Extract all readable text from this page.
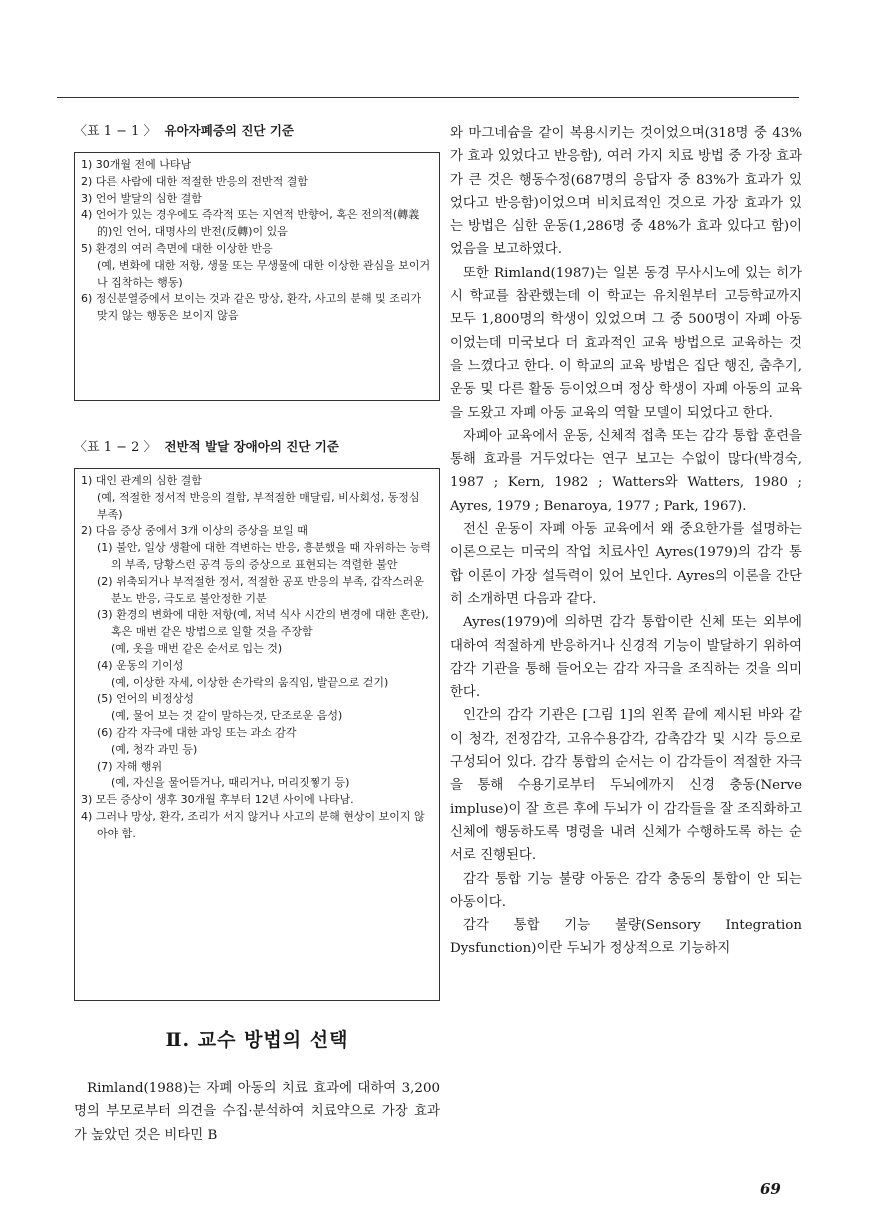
〈표 1 − 1 〉 유아자폐증의 진단 기준

1) 30개월 전에 나타남

2) 다른 사람에 대한 적절한 반응의 전반적 결함

3) 언어 발달의 심한 결함

4) 언어가 있는 경우에도 즉각적 또는 지연적 반향어, 혹은 전의적(轉義的)인 언어, 대명사의 반전(反轉)이 있음

5) 환경의 여러 측면에 대한 이상한 반응

(예, 변화에 대한 저항, 생물 또는 무생물에 대한 이상한 관심을 보이거나 집착하는 행동)

6) 정신분열증에서 보이는 것과 같은 망상, 환각, 사고의 분해 및 조리가 맞지 않는 행동은 보이지 않음

〈표 1 − 2 〉 전반적 발달 장애아의 진단 기준

1) 대인 관계의 심한 결함

(예, 적절한 정서적 반응의 결함, 부적절한 매달림, 비사회성, 동정심 부족)

2) 다음 증상 중에서 3개 이상의 증상을 보일 때

(1) 불안, 일상 생활에 대한 격변하는 반응, 흥분했을 때 자위하는 능력의 부족, 당황스런 공격 등의 증상으로 표현되는 격렬한 불안

(2) 위축되거나 부적절한 정서, 적절한 공포 반응의 부족, 갑작스러운 분노 반응, 극도로 불안정한 기분

(3) 환경의 변화에 대한 저항(예, 저녁 식사 시간의 변경에 대한 혼란), 혹은 매번 같은 방법으로 일할 것을 주장함

(예, 옷을 매번 같은 순서로 입는 것)

(4) 운동의 기이성

(예, 이상한 자세, 이상한 손가락의 움직임, 발끝으로 걷기)

(5) 언어의 비정상성

(예, 물어 보는 것 같이 말하는것, 단조로운 음성)

(6) 감각 자극에 대한 과잉 또는 과소 감각

(예, 청각 과민 등)

(7) 자해 행위

(예, 자신을 물어뜯거나, 때리거나, 머리짓찧기 등)

3) 모든 증상이 생후 30개월 후부터 12년 사이에 나타남.

4) 그러나 망상, 환각, 조리가 서지 않거나 사고의 분해 현상이 보이지 않아야 함.

Ⅱ. 교수 방법의 선택

Rimland(1988)는 자폐 아동의 치료 효과에 대하여 3,200명의 부모로부터 의견을 수집·분석하여 치료약으로 가장 효과가 높았던 것은 비타민 B

와 마그네슘을 같이 복용시키는 것이었으며(318명 중 43%가 효과 있었다고 반응함), 여러 가지 치료 방법 중 가장 효과가 큰 것은 행동수정(687명의 응답자 중 83%가 효과가 있었다고 반응함)이었으며 비치료적인 것으로 가장 효과가 있는 방법은 심한 운동(1,286명 중 48%가 효과 있다고 함)이었음을 보고하였다.

또한 Rimland(1987)는 일본 동경 무사시노에 있는 히가시 학교를 참관했는데 이 학교는 유치원부터 고등학교까지 모두 1,800명의 학생이 있었으며 그 중 500명이 자폐 아동이었는데 미국보다 더 효과적인 교육 방법으로 교육하는 것을 느꼈다고 한다. 이 학교의 교육 방법은 집단 행진, 춤추기, 운동 및 다른 활동 등이었으며 정상 학생이 자폐 아동의 교육을 도왔고 자폐 아동 교육의 역할 모델이 되었다고 한다.

자폐아 교육에서 운동, 신체적 접촉 또는 감각 통합 훈련을 통해 효과를 거두었다는 연구 보고는 수없이 많다(박경숙, 1987 ; Kern, 1982 ; Watters와 Watters, 1980 ; Ayres, 1979 ; Benaroya, 1977 ; Park, 1967).

전신 운동이 자폐 아동 교육에서 왜 중요한가를 설명하는 이론으로는 미국의 작업 치료사인 Ayres(1979)의 감각 통합 이론이 가장 설득력이 있어 보인다. Ayres의 이론을 간단히 소개하면 다음과 같다.

Ayres(1979)에 의하면 감각 통합이란 신체 또는 외부에 대하여 적절하게 반응하거나 신경적 기능이 발달하기 위하여 감각 기관을 통해 들어오는 감각 자극을 조직하는 것을 의미한다.

인간의 감각 기관은 [그림 1]의 왼쪽 끝에 제시된 바와 같이 청각, 전정감각, 고유수용감각, 감촉감각 및 시각 등으로 구성되어 있다. 감각 통합의 순서는 이 감각들이 적절한 자극을 통해 수용기로부터 두뇌에까지 신경 충동(Nerve impluse)이 잘 흐른 후에 두뇌가 이 감각들을 잘 조직화하고 신체에 행동하도록 명령을 내려 신체가 수행하도록 하는 순서로 진행된다.

감각 통합 기능 불량 아동은 감각 충동의 통합이 안 되는 아동이다.

감각 통합 기능 불량(Sensory Integration Dysfunction)이란 두뇌가 정상적으로 기능하지

69
